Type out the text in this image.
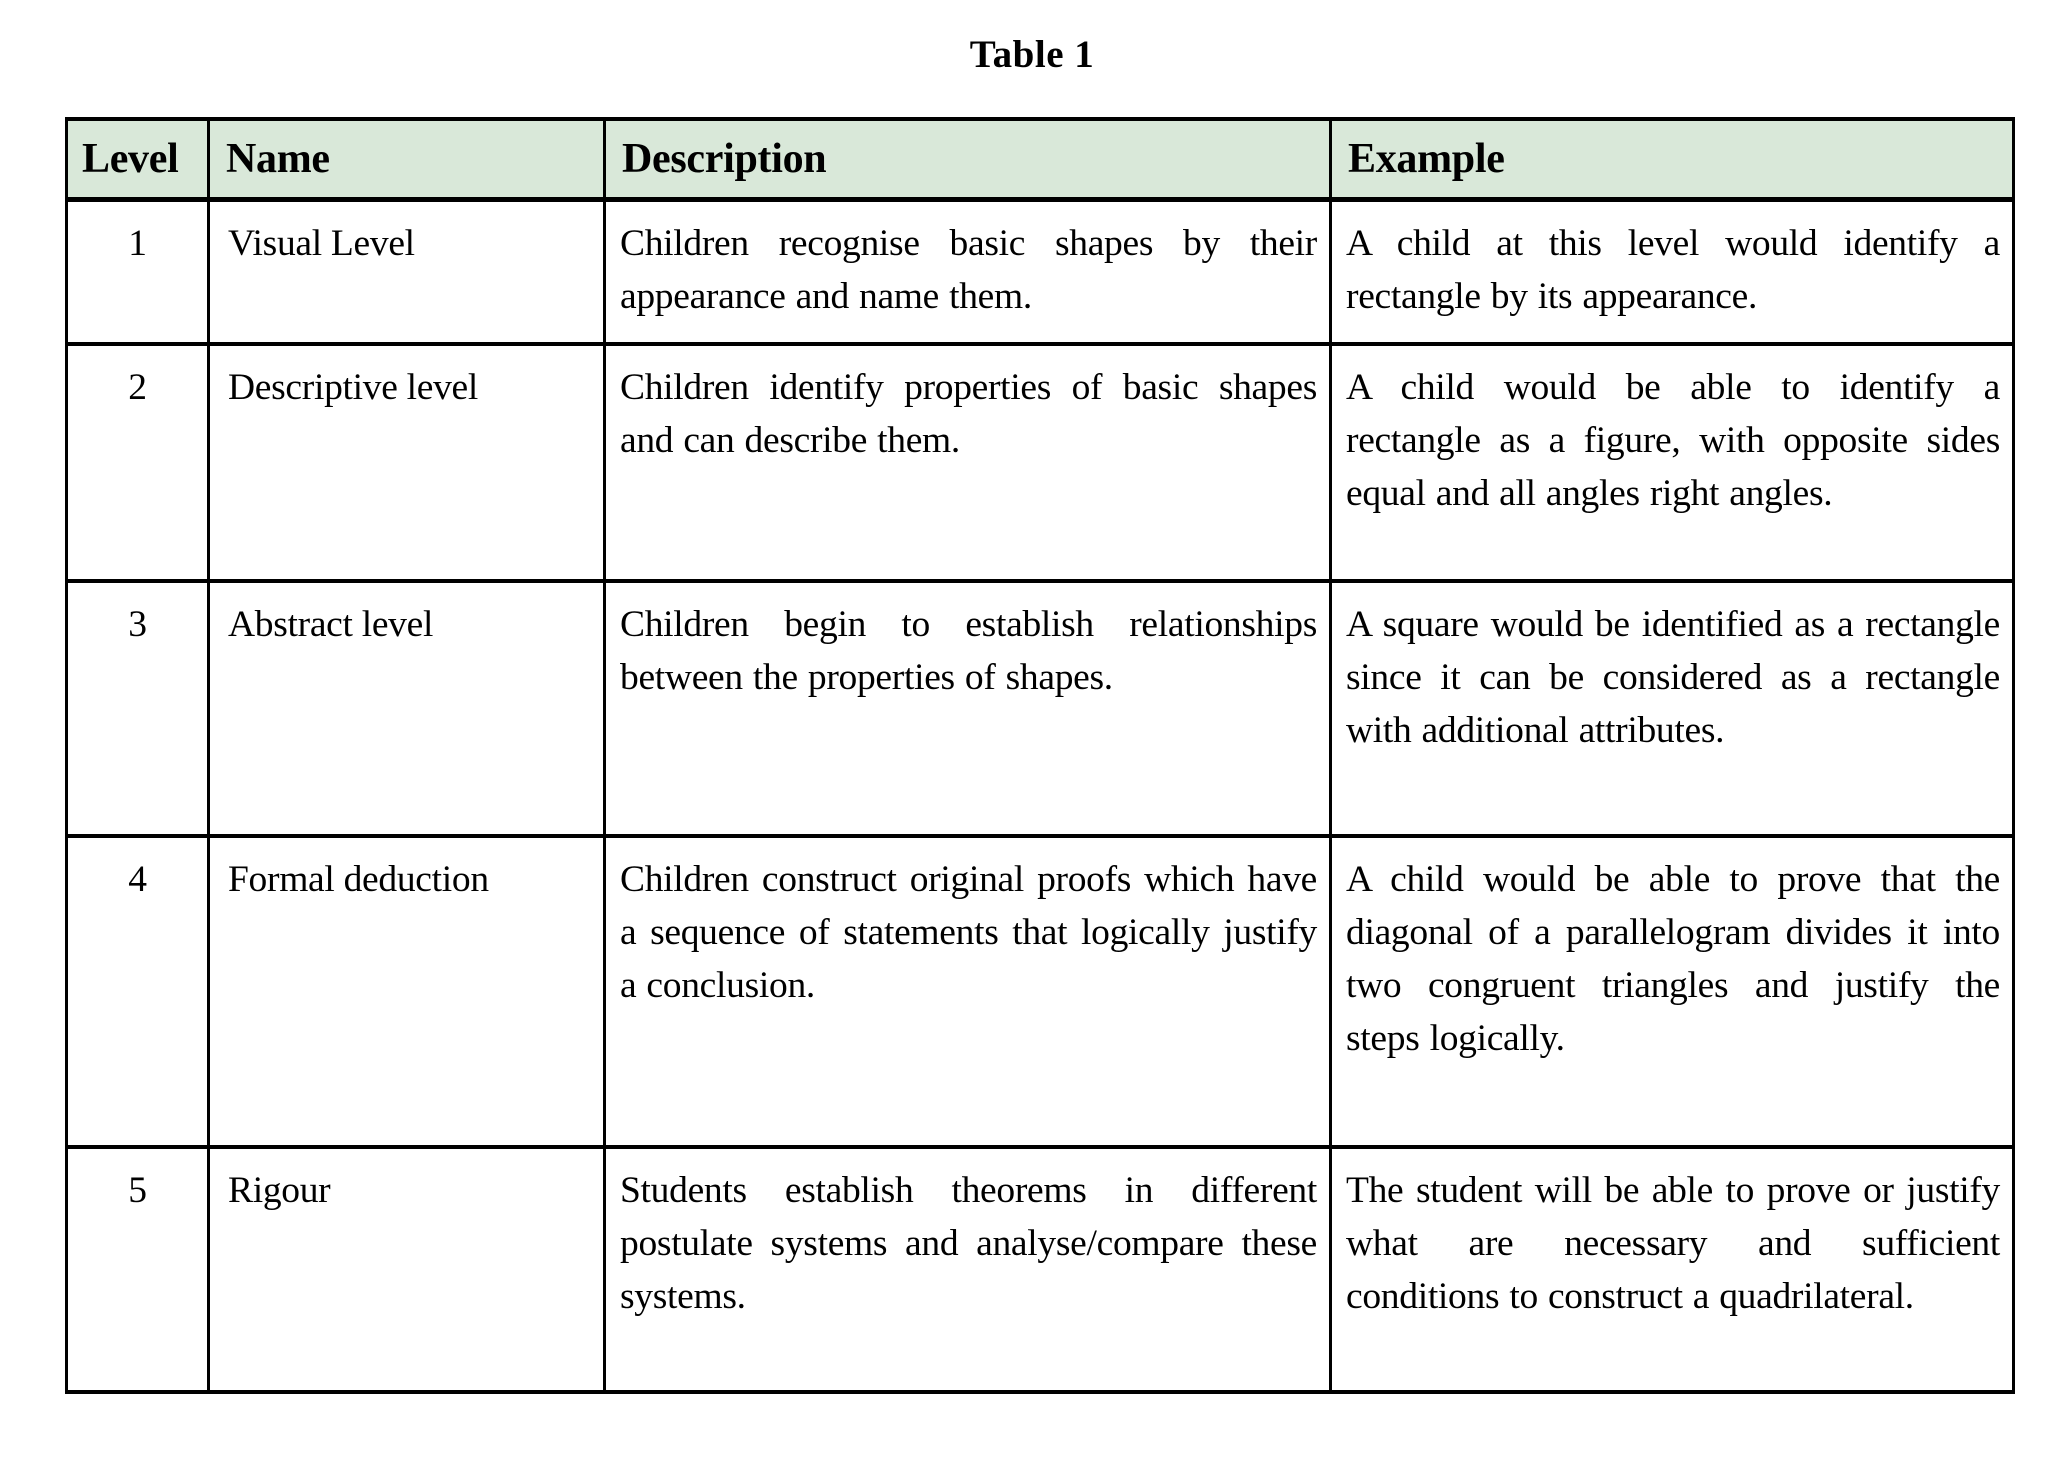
Table 1
Level	Name	Description	Example
1	Visual Level	Children recognise basic shapes by their appearance and name them.	A child at this level would identify a rectangle by its appearance.
2	Descriptive level	Children identify properties of basic shapes and can describe them.	A child would be able to identify a rectangle as a figure, with opposite sides equal and all angles right angles.
3	Abstract level	Children begin to establish relationships between the properties of shapes.	A square would be identified as a rectangle since it can be considered as a rectangle with additional attributes.
4	Formal deduction	Children construct original proofs which have a sequence of statements that logically justify a conclusion.	A child would be able to prove that the diagonal of a parallelogram divides it into two congruent triangles and justify the steps logically.
5	Rigour	Students establish theorems in different postulate systems and analyse/compare these systems.	The student will be able to prove or justify what are necessary and sufficient conditions to construct a quadrilateral.
